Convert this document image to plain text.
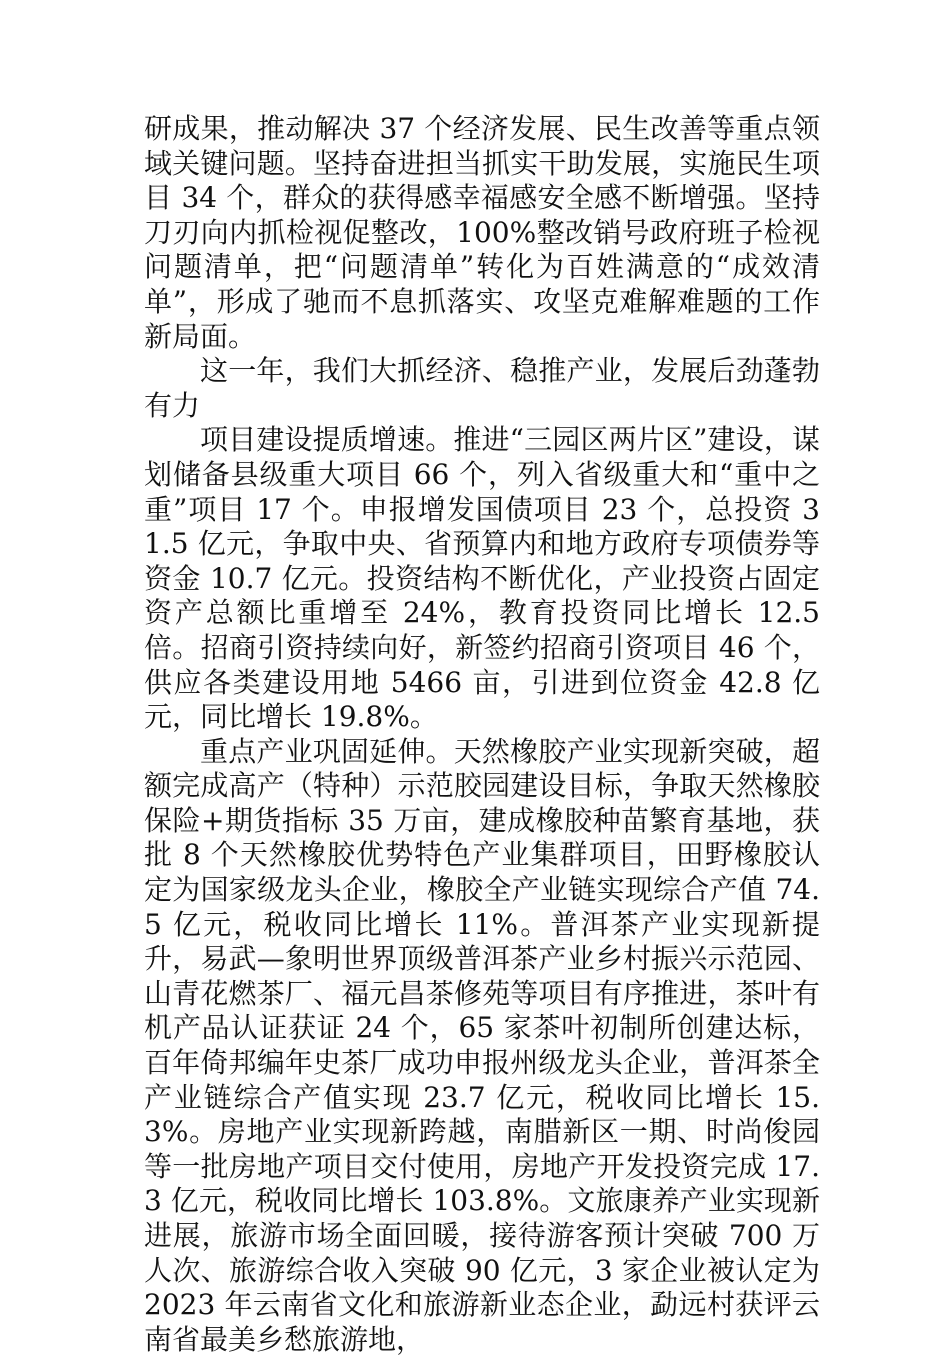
研成果，推动解决 37 个经济发展、民生改善等重点领域关键问题。坚持奋进担当抓实干助发展，实施民生项目 34 个，群众的获得感幸福感安全感不断增强。坚持刀刃向内抓检视促整改，100%整改销号政府班子检视问题清单，把“问题清单”转化为百姓满意的“成效清单”，形成了驰而不息抓落实、攻坚克难解难题的工作新局面。

这一年，我们大抓经济、稳推产业，发展后劲蓬勃有力

项目建设提质增速。推进“三园区两片区”建设，谋划储备县级重大项目 66 个，列入省级重大和“重中之重”项目 17 个。申报增发国债项目 23 个，总投资 31.5 亿元，争取中央、省预算内和地方政府专项债券等资金 10.7 亿元。投资结构不断优化，产业投资占固定资产总额比重增至 24%，教育投资同比增长 12.5 倍。招商引资持续向好，新签约招商引资项目 46 个，供应各类建设用地 5466 亩，引进到位资金 42.8 亿元，同比增长 19.8%。

重点产业巩固延伸。天然橡胶产业实现新突破，超额完成高产（特种）示范胶园建设目标，争取天然橡胶保险+期货指标 35 万亩，建成橡胶种苗繁育基地，获批 8 个天然橡胶优势特色产业集群项目，田野橡胶认定为国家级龙头企业，橡胶全产业链实现综合产值 74.5 亿元，税收同比增长 11%。普洱茶产业实现新提升，易武—象明世界顶级普洱茶产业乡村振兴示范园、山青花燃茶厂、福元昌茶修苑等项目有序推进，茶叶有机产品认证获证 24 个，65 家茶叶初制所创建达标，百年倚邦编年史茶厂成功申报州级龙头企业，普洱茶全产业链综合产值实现 23.7 亿元，税收同比增长 15.3%。房地产业实现新跨越，南腊新区一期、时尚俊园等一批房地产项目交付使用，房地产开发投资完成 17.3 亿元，税收同比增长 103.8%。文旅康养产业实现新进展，旅游市场全面回暖，接待游客预计突破 700 万人次、旅游综合收入突破 90 亿元，3 家企业被认定为 2023 年云南省文化和旅游新业态企业，勐远村获评云南省最美乡愁旅游地，
